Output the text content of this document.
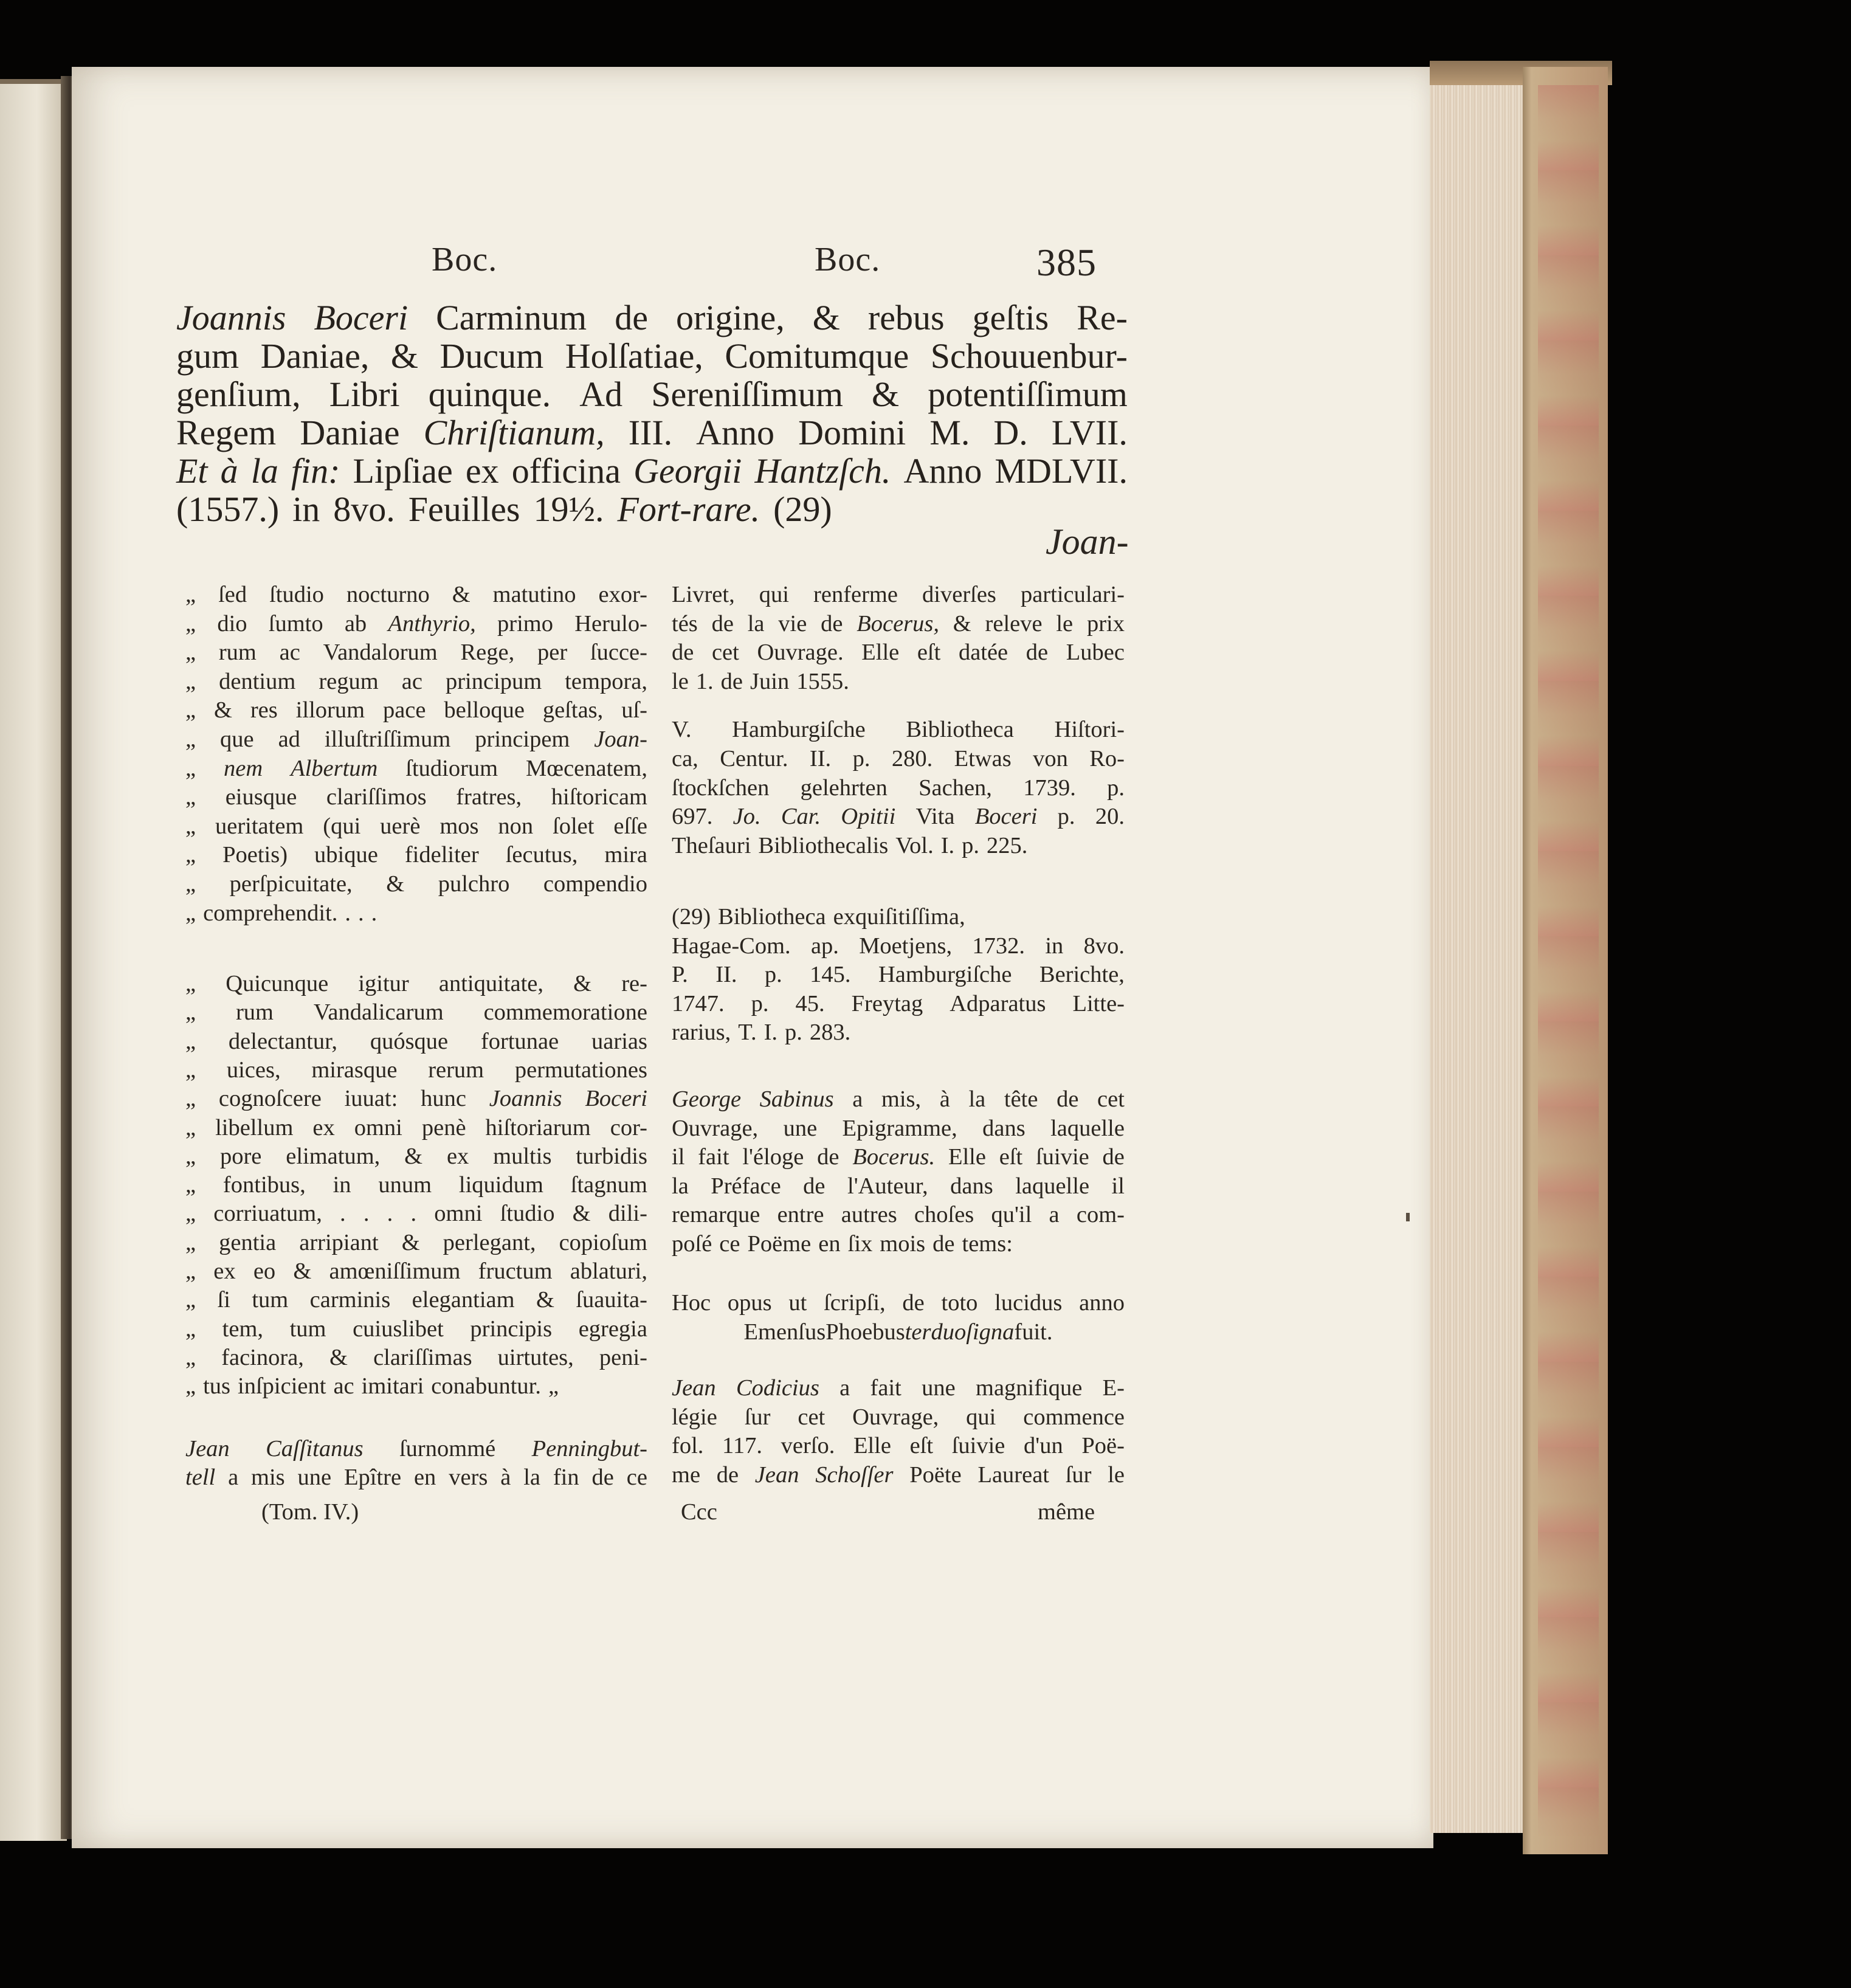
Boc.	Boc.	385
Joannis Boceri Carminum de origine, & rebus geſtis Re-
gum Daniae, & Ducum Holſatiae, Comitumque Schouuenbur-
genſium, Libri quinque. Ad Sereniſſimum & potentiſſimum
Regem Daniae Chriſtianum, III. Anno Domini M. D. LVII.
Et à la fin: Lipſiae ex officina Georgii Hantzſch. Anno MDLVII.
(1557.) in 8vo. Feuilles 19½. Fort-rare. (29)
Joan-
„ ſed ſtudio nocturno & matutino exor-
„ dio ſumto ab Anthyrio, primo Herulo-
„ rum ac Vandalorum Rege, per ſucce-
„ dentium regum ac principum tempora,
„ & res illorum pace belloque geſtas, uſ-
„ que ad illuſtriſſimum principem Joan-
„ nem Albertum ſtudiorum Mœcenatem,
„ eiusque clariſſimos fratres, hiſtoricam
„ ueritatem (qui uerè mos non ſolet eſſe
„ Poetis) ubique fideliter ſecutus, mira
„ perſpicuitate, & pulchro compendio
„ comprehendit. . . .
„ Quicunque igitur antiquitate, & re-
„ rum Vandalicarum commemoratione
„ delectantur, quósque fortunae uarias
„ uices, mirasque rerum permutationes
„ cognoſcere iuuat: hunc Joannis Boceri
„ libellum ex omni penè hiſtoriarum cor-
„ pore elimatum, & ex multis turbidis
„ fontibus, in unum liquidum ſtagnum
„ corriuatum, . . . . omni ſtudio & dili-
„ gentia arripiant & perlegant, copioſum
„ ex eo & amœniſſimum fructum ablaturi,
„ ſi tum carminis elegantiam & ſuauita-
„ tem, tum cuiuslibet principis egregia
„ facinora, & clariſſimas uirtutes, peni-
„ tus inſpicient ac imitari conabuntur. „
Jean Caſſitanus ſurnommé Penningbut-
tell a mis une Epître en vers à la fin de ce
Livret, qui renferme diverſes particulari-
tés de la vie de Bocerus, & releve le prix
de cet Ouvrage. Elle eſt datée de Lubec
le 1. de Juin 1555.
V. Hamburgiſche Bibliotheca Hiſtori-
ca, Centur. II. p. 280. Etwas von Ro-
ſtockſchen gelehrten Sachen, 1739. p.
697. Jo. Car. Opitii Vita Boceri p. 20.
Theſauri Bibliothecalis Vol. I. p. 225.
(29) Bibliotheca exquiſitiſſima,
Hagae-Com. ap. Moetjens, 1732. in 8vo.
P. II. p. 145. Hamburgiſche Berichte,
1747. p. 45. Freytag Adparatus Litte-
rarius, T. I. p. 283.
George Sabinus a mis, à la tête de cet
Ouvrage, une Epigramme, dans laquelle
il fait l'éloge de Bocerus. Elle eſt ſuivie de
la Préface de l'Auteur, dans laquelle il
remarque entre autres choſes qu'il a com-
poſé ce Poëme en ſix mois de tems:
Hoc opus ut ſcripſi, de toto lucidus anno
Emenſus Phoebus ter duo ſigna fuit.
Jean Codicius a fait une magnifique E-
légie ſur cet Ouvrage, qui commence
fol. 117. verſo. Elle eſt ſuivie d'un Poë-
me de Jean Schoſſer Poëte Laureat ſur le
(Tom. IV.)	Ccc	même
